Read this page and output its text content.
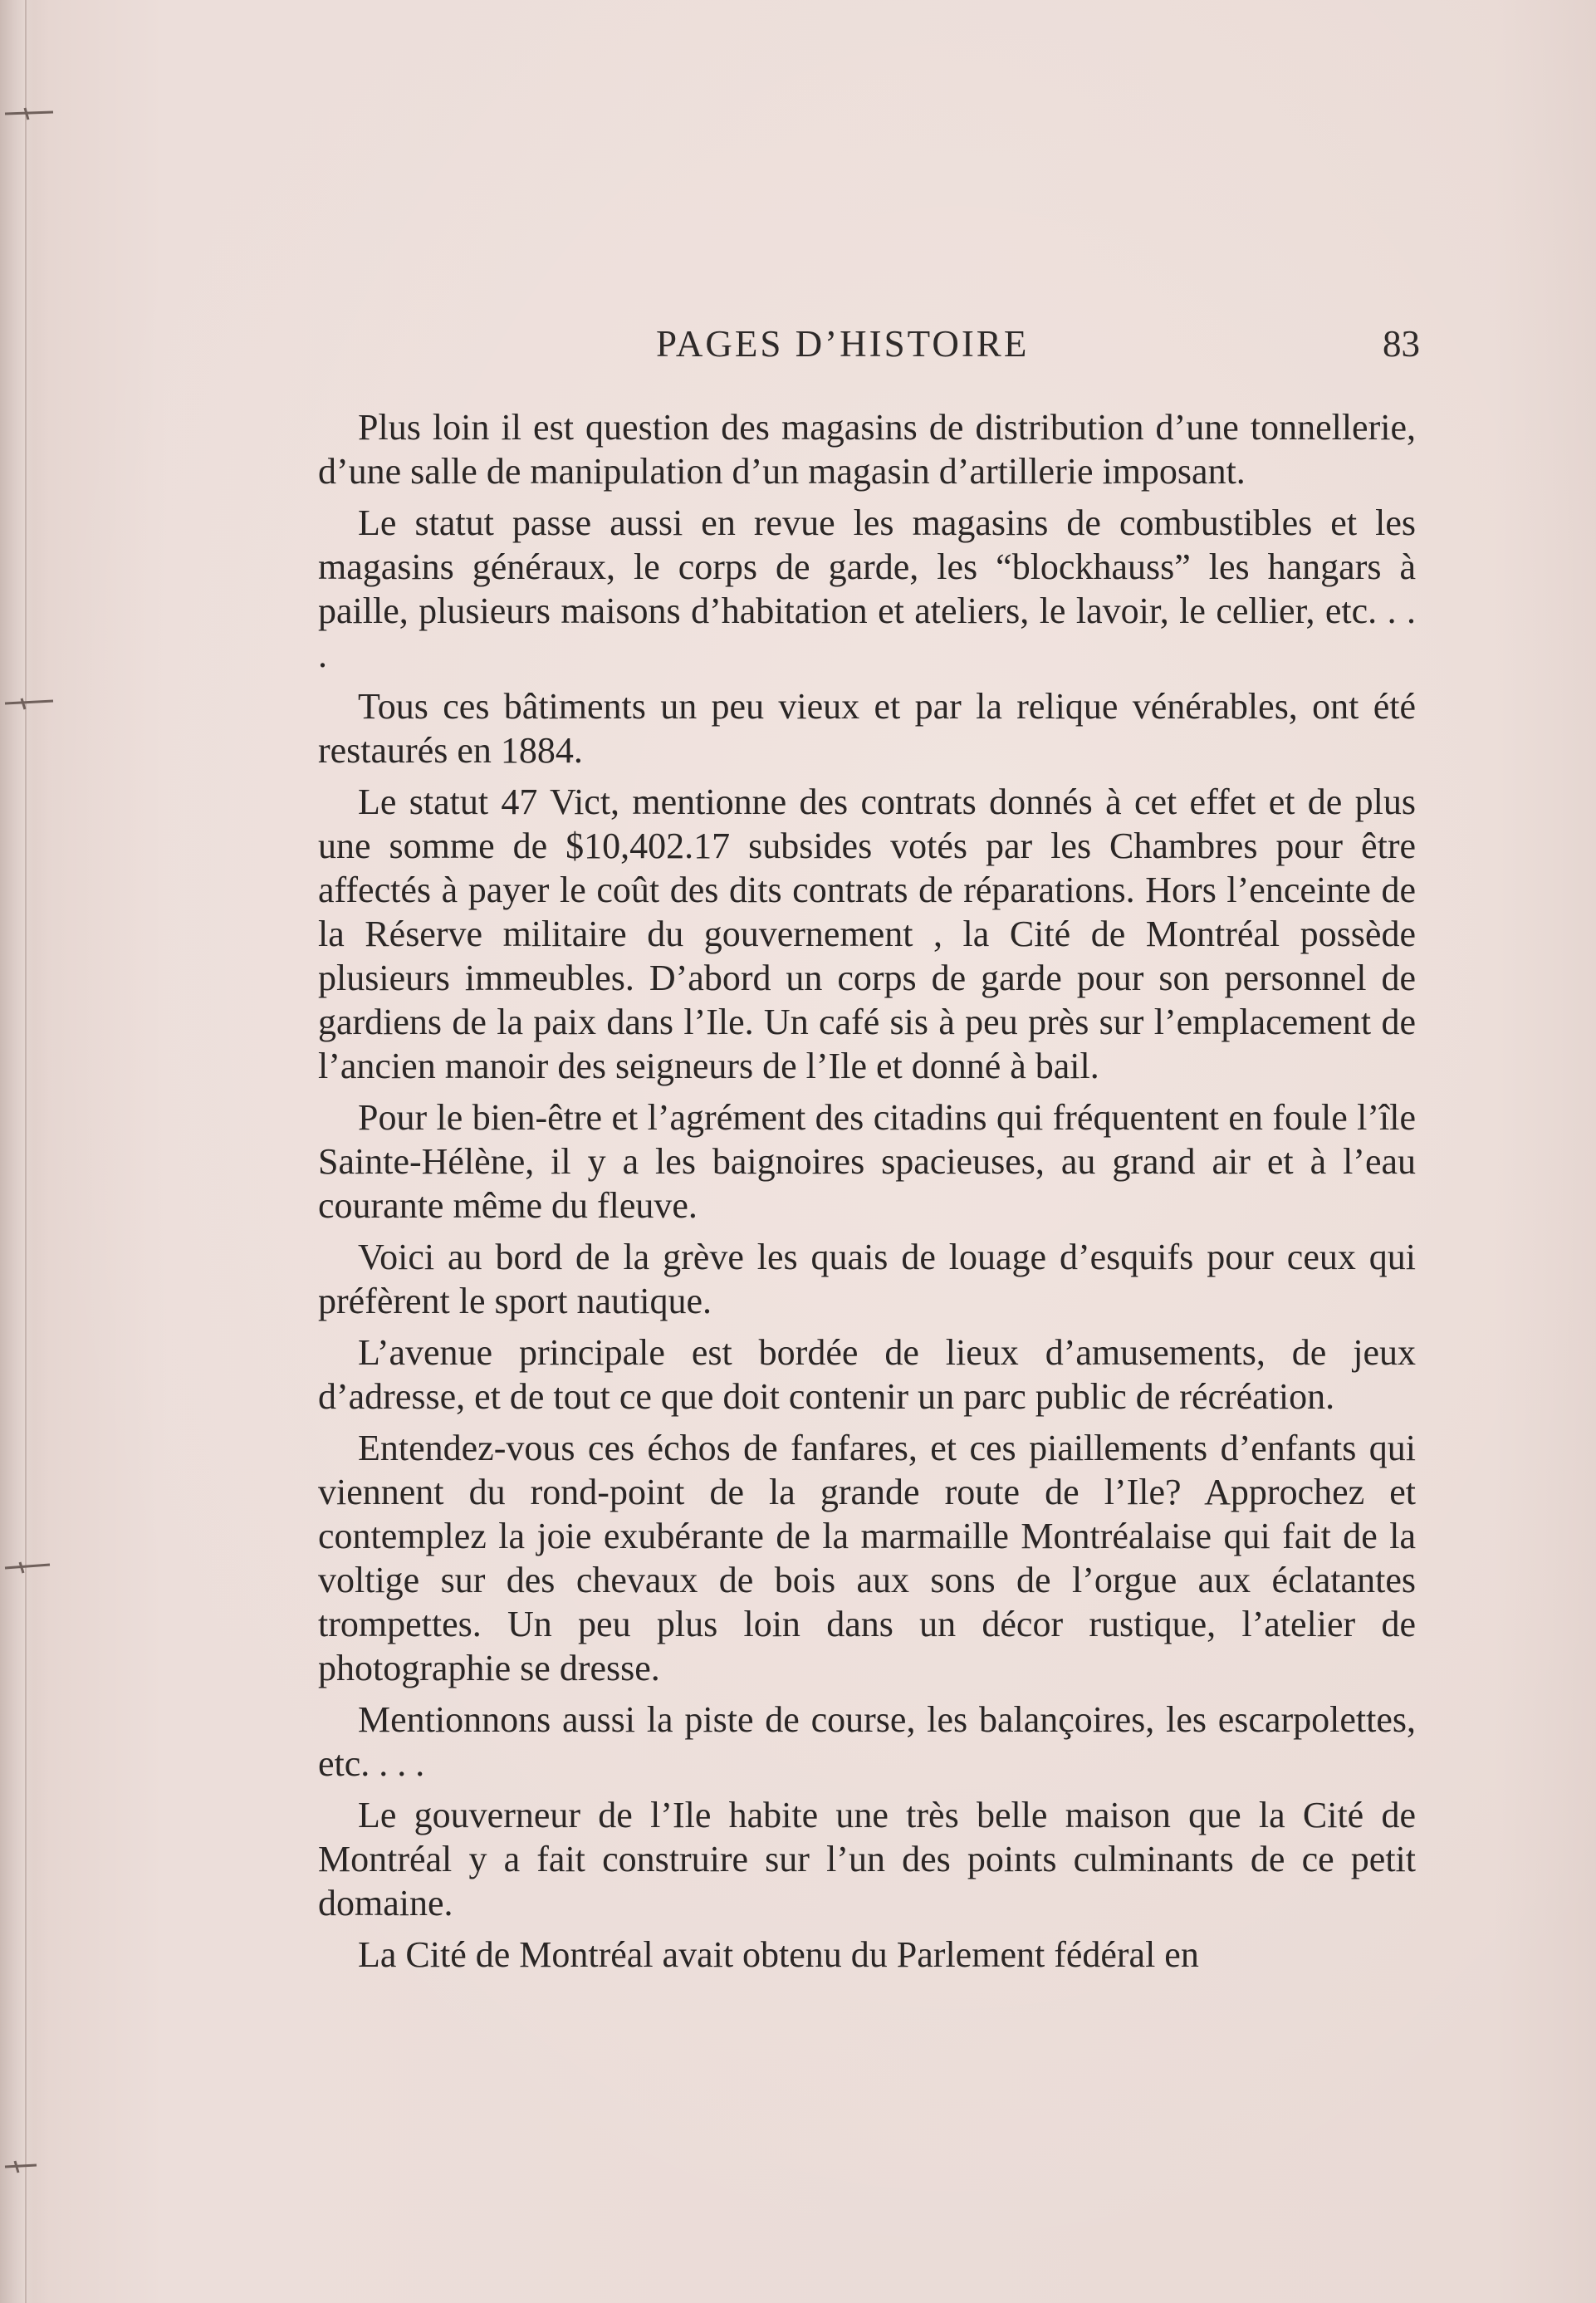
PAGES D’HISTOIRE	83

Plus loin il est question des magasins de distribution d’une tonnellerie, d’une salle de manipulation d’un magasin d’artillerie imposant.

Le statut passe aussi en revue les magasins de combustibles et les magasins généraux, le corps de garde, les “blockhauss” les hangars à paille, plusieurs maisons d’habitation et ateliers, le lavoir, le cellier, etc. . . .

Tous ces bâtiments un peu vieux et par la relique vénérables, ont été restaurés en 1884.

Le statut 47 Vict, mentionne des contrats donnés à cet effet et de plus une somme de $10,402.17 subsides votés par les Chambres pour être affectés à payer le coût des dits contrats de réparations. Hors l’enceinte de la Réserve militaire du gouvernement , la Cité de Montréal possède plusieurs immeubles. D’abord un corps de garde pour son personnel de gardiens de la paix dans l’Ile. Un café sis à peu près sur l’emplacement de l’ancien manoir des seigneurs de l’Ile et donné à bail.

Pour le bien-être et l’agrément des citadins qui fréquentent en foule l’île Sainte-Hélène, il y a les baignoires spacieuses, au grand air et à l’eau courante même du fleuve.

Voici au bord de la grève les quais de louage d’esquifs pour ceux qui préfèrent le sport nautique.

L’avenue principale est bordée de lieux d’amusements, de jeux d’adresse, et de tout ce que doit contenir un parc public de récréation.

Entendez-vous ces échos de fanfares, et ces piaillements d’enfants qui viennent du rond-point de la grande route de l’Ile? Approchez et contemplez la joie exubérante de la marmaille Montréalaise qui fait de la voltige sur des chevaux de bois aux sons de l’orgue aux éclatantes trompettes. Un peu plus loin dans un décor rustique, l’atelier de photographie se dresse.

Mentionnons aussi la piste de course, les balançoires, les escarpolettes, etc. . . .

Le gouverneur de l’Ile habite une très belle maison que la Cité de Montréal y a fait construire sur l’un des points culminants de ce petit domaine.

La Cité de Montréal avait obtenu du Parlement fédéral en
